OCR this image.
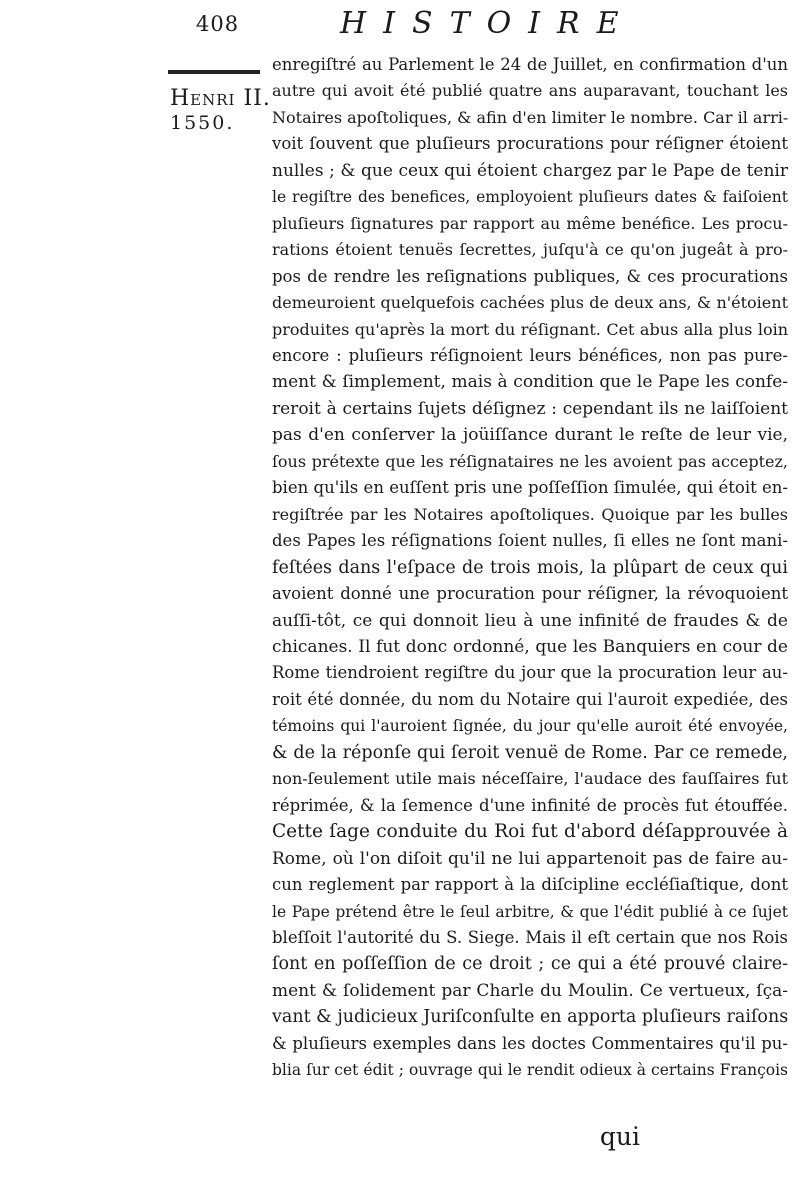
408	HISTOIRE
Henri II.
1550.
enregiſtré au Parlement le 24 de Juillet, en confirmation d'un
autre qui avoit été publié quatre ans auparavant, touchant les
Notaires apoſtoliques, & afin d'en limiter le nombre. Car il arri-
voit ſouvent que pluſieurs procurations pour réſigner étoient
nulles ; & que ceux qui étoient chargez par le Pape de tenir
le regiſtre des benefices, employoient pluſieurs dates & faiſoient
pluſieurs ſignatures par rapport au même benéfice. Les procu-
rations étoient tenuës ſecrettes, juſqu'à ce qu'on jugeât à pro-
pos de rendre les reſignations publiques, & ces procurations
demeuroient quelquefois cachées plus de deux ans, & n'étoient
produites qu'après la mort du réſignant. Cet abus alla plus loin
encore : pluſieurs réſignoient leurs bénéfices, non pas pure-
ment & ſimplement, mais à condition que le Pape les confe-
reroit à certains ſujets déſignez : cependant ils ne laiſſoient
pas d'en conſerver la joüiſſance durant le reſte de leur vie,
ſous prétexte que les réſignataires ne les avoient pas acceptez,
bien qu'ils en euſſent pris une poſſeſſion ſimulée, qui étoit en-
regiſtrée par les Notaires apoſtoliques. Quoique par les bulles
des Papes les réſignations ſoient nulles, ſi elles ne ſont mani-
feſtées dans l'eſpace de trois mois, la plûpart de ceux qui
avoient donné une procuration pour réſigner, la révoquoient
auſſi-tôt, ce qui donnoit lieu à une infinité de fraudes & de
chicanes. Il fut donc ordonné, que les Banquiers en cour de
Rome tiendroient regiſtre du jour que la procuration leur au-
roit été donnée, du nom du Notaire qui l'auroit expediée, des
témoins qui l'auroient ſignée, du jour qu'elle auroit été envoyée,
& de la réponſe qui ſeroit venuë de Rome. Par ce remede,
non-ſeulement utile mais néceſſaire, l'audace des fauſſaires fut
réprimée, & la ſemence d'une infinité de procès fut étouffée.
Cette ſage conduite du Roi fut d'abord déſapprouvée à
Rome, où l'on diſoit qu'il ne lui appartenoit pas de faire au-
cun reglement par rapport à la diſcipline eccléſiaſtique, dont
le Pape prétend être le ſeul arbitre, & que l'édit publié à ce ſujet
bleſſoit l'autorité du S. Siege. Mais il eſt certain que nos Rois
ſont en poſſeſſion de ce droit ; ce qui a été prouvé claire-
ment & ſolidement par Charle du Moulin. Ce vertueux, ſça-
vant & judicieux Juriſconſulte en apporta pluſieurs raiſons
& pluſieurs exemples dans les doctes Commentaires qu'il pu-
blia ſur cet édit ; ouvrage qui le rendit odieux à certains François
qui
